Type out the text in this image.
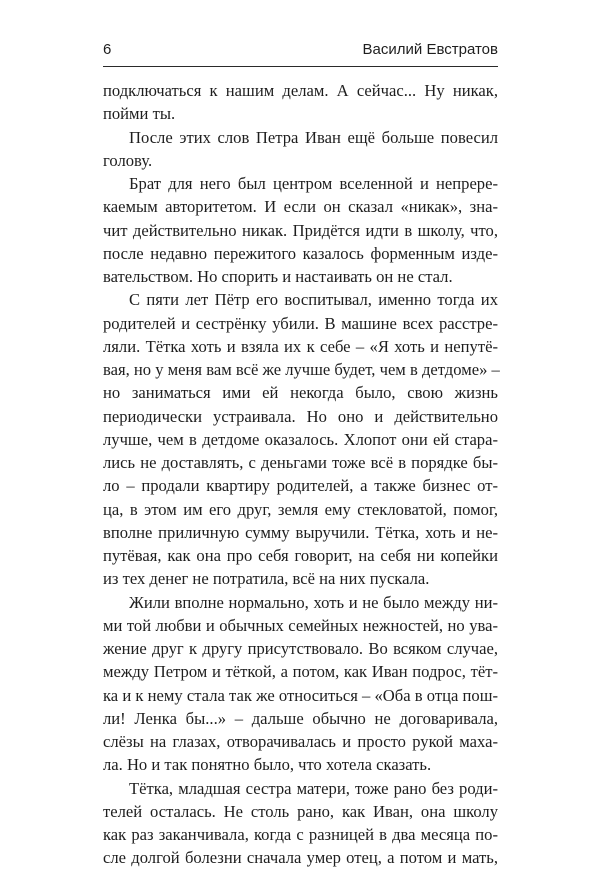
6	Василий Евстратов
подключаться к нашим делам. А сейчас... Ну никак,
пойми ты.
После этих слов Петра Иван ещё больше повесил
голову.
Брат для него был центром вселенной и непрере-
каемым авторитетом. И если он сказал «никак», зна-
чит действительно никак. Придётся идти в школу, что,
после недавно пережитого казалось форменным изде-
вательством. Но спорить и настаивать он не стал.
С пяти лет Пётр его воспитывал, именно тогда их
родителей и сестрёнку убили. В машине всех расстре-
ляли. Тётка хоть и взяла их к себе – «Я хоть и непутё-
вая, но у меня вам всё же лучше будет, чем в детдоме» –
но заниматься ими ей некогда было, свою жизнь
периодически устраивала. Но оно и действительно
лучше, чем в детдоме оказалось. Хлопот они ей стара-
лись не доставлять, с деньгами тоже всё в порядке бы-
ло – продали квартиру родителей, а также бизнес от-
ца, в этом им его друг, земля ему стекловатой, помог,
вполне приличную сумму выручили. Тётка, хоть и не-
путёвая, как она про себя говорит, на себя ни копейки
из тех денег не потратила, всё на них пускала.
Жили вполне нормально, хоть и не было между ни-
ми той любви и обычных семейных нежностей, но ува-
жение друг к другу присутствовало. Во всяком случае,
между Петром и тёткой, а потом, как Иван подрос, тёт-
ка и к нему стала так же относиться – «Оба в отца пош-
ли! Ленка бы...» – дальше обычно не договаривала,
слёзы на глазах, отворачивалась и просто рукой маха-
ла. Но и так понятно было, что хотела сказать.
Тётка, младшая сестра матери, тоже рано без роди-
телей осталась. Не столь рано, как Иван, она школу
как раз заканчивала, когда с разницей в два месяца по-
сле долгой болезни сначала умер отец, а потом и мать,
